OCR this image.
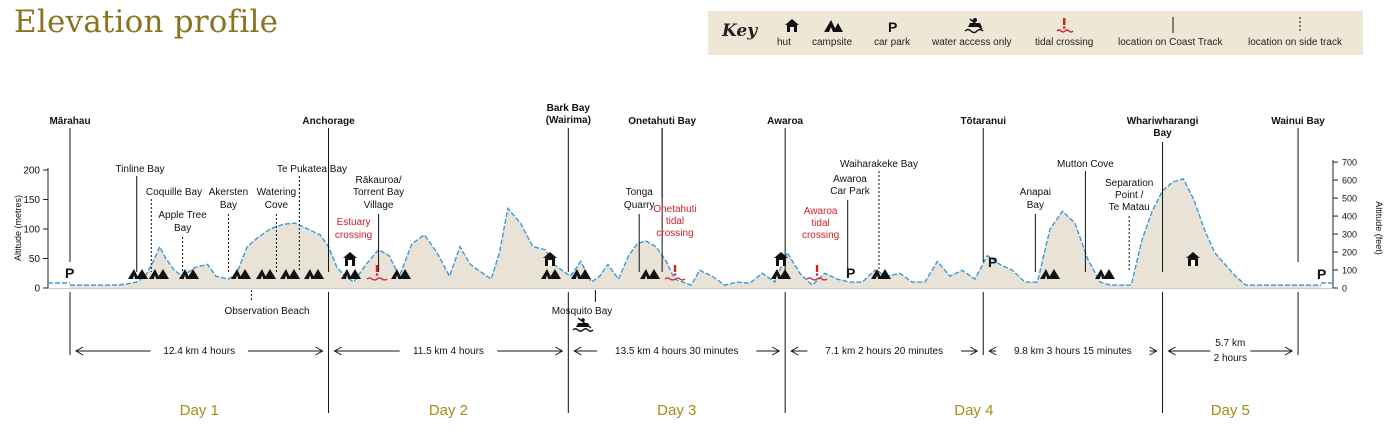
Elevation profile	Key	P
hut campsite car park water access only tidal crossing location on Coast Track	location on side track
0
50
100
150
200
0
100
200
300
400
500
600
700
Altitude (metres)	Altitude (feet)
Mārahau
P
Tinline Bay
Coquille Bay
Apple Tree
Bay
Akersten
Bay
Observation Beach
Watering
Cove
Te Pukatea Bay
Anchorage
Estuary
crossing
Rākauroa/
Torrent Bay
Village
Bark Bay
(Wairima)
Mosquito Bay
Tonga
Quarry
Onetahuti Bay	Awaroa
Awaroa
tidal
crossing
Awaroa
Car Park
P
Waiharakeke Bay
Tōtaranui
P
Anapai
Bay
Mutton Cove
Separation
Point /
Te Matau
Whariwharangi
Bay
Wainui Bay
P
Onetahuti
tidal
crossing
12.4 km 4 hours	11.5 km 4 hours	13.5 km 4 hours 30 minutes	7.1 km 2 hours 20 minutes	9.8 km 3 hours 15 minutes
5.7 km
2 hours
Day 1	Day 2	Day 3	Day 4	Day 5
